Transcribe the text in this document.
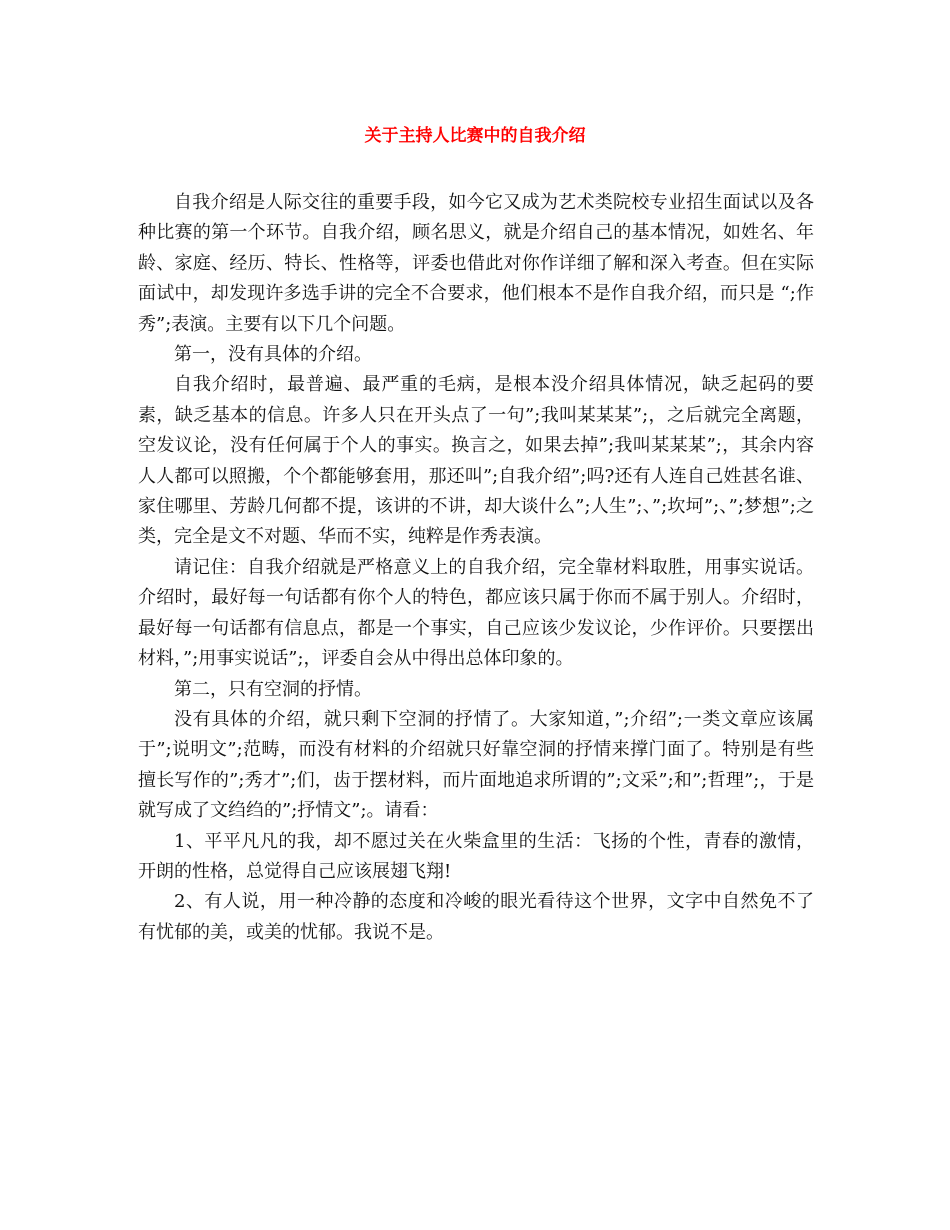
关于主持人比赛中的自我介绍

自我介绍是人际交往的重要手段，如今它又成为艺术类院校专业招生面试以及各种比赛的第一个环节。自我介绍，顾名思义，就是介绍自己的基本情况，如姓名、年龄、家庭、经历、特长、性格等，评委也借此对你作详细了解和深入考查。但在实际面试中，却发现许多选手讲的完全不合要求，他们根本不是作自我介绍，而只是 “;作秀”;表演。主要有以下几个问题。

第一，没有具体的介绍。

自我介绍时，最普遍、最严重的毛病，是根本没介绍具体情况，缺乏起码的要素，缺乏基本的信息。许多人只在开头点了一句”;我叫某某某”;，之后就完全离题，空发议论，没有任何属于个人的事实。换言之，如果去掉”;我叫某某某”;，其余内容人人都可以照搬，个个都能够套用，那还叫”;自我介绍”;吗?还有人连自己姓甚名谁、家住哪里、芳龄几何都不提，该讲的不讲，却大谈什么”;人生”;、”;坎坷”;、”;梦想”;之类，完全是文不对题、华而不实，纯粹是作秀表演。

请记住：自我介绍就是严格意义上的自我介绍，完全靠材料取胜，用事实说话。介绍时，最好每一句话都有你个人的特色，都应该只属于你而不属于别人。介绍时，最好每一句话都有信息点，都是一个事实，自己应该少发议论，少作评价。只要摆出材料，”;用事实说话”;，评委自会从中得出总体印象的。

第二，只有空洞的抒情。

没有具体的介绍，就只剩下空洞的抒情了。大家知道，”;介绍”;一类文章应该属于”;说明文”;范畴，而没有材料的介绍就只好靠空洞的抒情来撑门面了。特别是有些擅长写作的”;秀才”;们，齿于摆材料，而片面地追求所谓的”;文采”;和”;哲理”;，于是就写成了文绉绉的”;抒情文”;。请看：

1、平平凡凡的我，却不愿过关在火柴盒里的生活：飞扬的个性，青春的激情，开朗的性格，总觉得自己应该展翅飞翔!

2、有人说，用一种冷静的态度和冷峻的眼光看待这个世界，文字中自然免不了有忧郁的美，或美的忧郁。我说不是。
